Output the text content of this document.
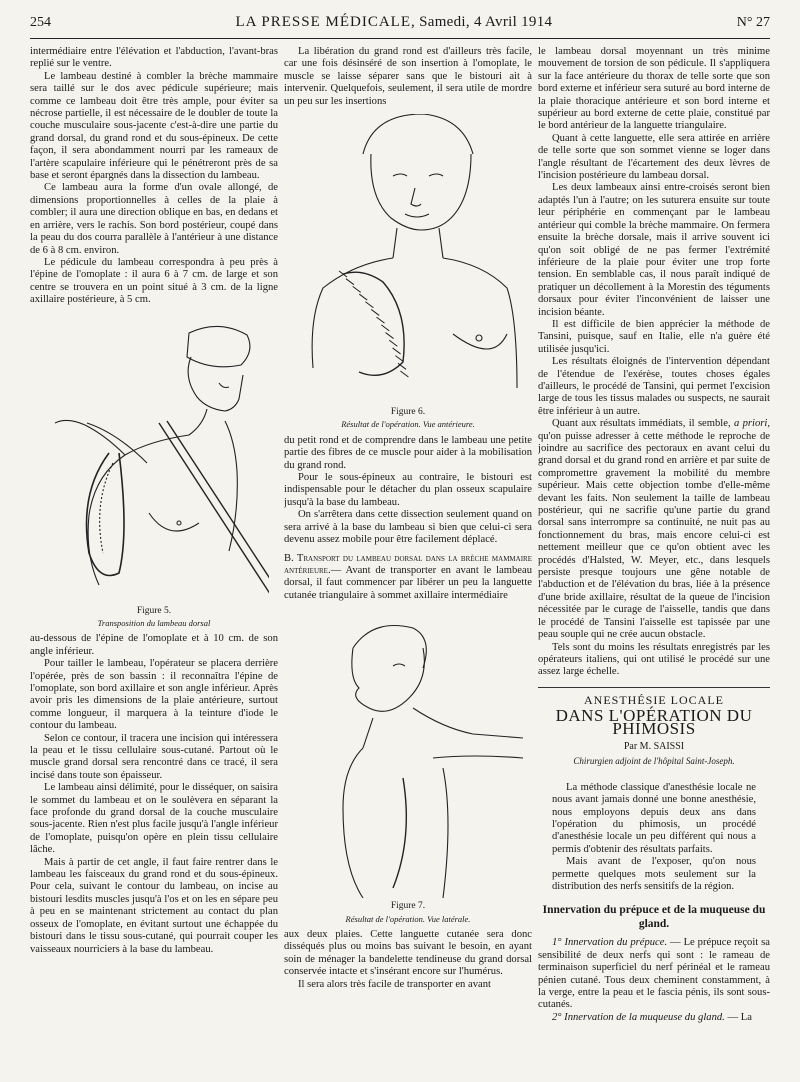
254	LA PRESSE MÉDICALE, Samedi, 4 Avril 1914	N° 27

intermédiaire entre l'élévation et l'abduction, l'avant-bras replié sur le ventre.

Le lambeau destiné à combler la brèche mammaire sera taillé sur le dos avec pédicule supérieure; mais comme ce lambeau doit être très ample, pour éviter sa nécrose partielle, il est nécessaire de le doubler de toute la couche musculaire sous-jacente c'est-à-dire une partie du grand dorsal, du grand rond et du sous-épineux. De cette façon, il sera abondamment nourri par les rameaux de l'artère scapulaire inférieure qui le pénétreront près de sa base et seront épargnés dans la dissection du lambeau.

Ce lambeau aura la forme d'un ovale allongé, de dimensions proportionnelles à celles de la plaie à combler; il aura une direction oblique en bas, en dedans et en arrière, vers le rachis. Son bord postérieur, coupé dans la peau du dos courra parallèle à l'antérieur à une distance de 6 à 8 cm. environ.

Le pédicule du lambeau correspondra à peu près à l'épine de l'omoplate : il aura 6 à 7 cm. de large et son centre se trouvera en un point situé à 3 cm. de la ligne axillaire postérieure, à 5 cm.

Figure 5.
Transposition du lambeau dorsal

au-dessous de l'épine de l'omoplate et à 10 cm. de son angle inférieur.

Pour tailler le lambeau, l'opérateur se placera derrière l'opérée, près de son bassin : il reconnaîtra l'épine de l'omoplate, son bord axillaire et son angle inférieur. Après avoir pris les dimensions de la plaie antérieure, surtout comme longueur, il marquera à la teinture d'iode le contour du lambeau.

Selon ce contour, il tracera une incision qui intéressera la peau et le tissu cellulaire sous-cutané. Partout où le muscle grand dorsal sera rencontré dans ce tracé, il sera incisé dans toute son épaisseur.

Le lambeau ainsi délimité, pour le disséquer, on saisira le sommet du lambeau et on le soulèvera en séparant la face profonde du grand dorsal de la couche musculaire sous-jacente. Rien n'est plus facile jusqu'à l'angle inférieur de l'omoplate, puisqu'on opère en plein tissu cellulaire lâche.

Mais à partir de cet angle, il faut faire rentrer dans le lambeau les faisceaux du grand rond et du sous-épineux. Pour cela, suivant le contour du lambeau, on incise au bistouri lesdits muscles jusqu'à l'os et on les en sépare peu à peu en se maintenant strictement au contact du plan osseux de l'omoplate, en évitant surtout une échappée du bistouri dans le tissu sous-cutané, qui pourrait couper les vaisseaux nourriciers à la base du lambeau.

La libération du grand rond est d'ailleurs très facile, car une fois désinséré de son insertion à l'omoplate, le muscle se laisse séparer sans que le bistouri ait à intervenir. Quelquefois, seulement, il sera utile de mordre un peu sur les insertions

Figure 6.
Résultat de l'opération. Vue antérieure.

du petit rond et de comprendre dans le lambeau une petite partie des fibres de ce muscle pour aider à la mobilisation du grand rond.

Pour le sous-épineux au contraire, le bistouri est indispensable pour le détacher du plan osseux scapulaire jusqu'à la base du lambeau.

On s'arrêtera dans cette dissection seulement quand on sera arrivé à la base du lambeau si bien que celui-ci sera devenu assez mobile pour être facilement déplacé.

B. Transport du lambeau dorsal dans la brèche mammaire antérieure.— Avant de transporter en avant le lambeau dorsal, il faut commencer par libérer un peu la languette cutanée triangulaire à sommet axillaire intermédiaire

Figure 7.
Résultat de l'opération. Vue latérale.

aux deux plaies. Cette languette cutanée sera donc disséqués plus ou moins bas suivant le besoin, en ayant soin de ménager la bandelette tendineuse du grand dorsal conservée intacte et s'insérant encore sur l'humérus.

Il sera alors très facile de transporter en avant

le lambeau dorsal moyennant un très minime mouvement de torsion de son pédicule. Il s'appliquera sur la face antérieure du thorax de telle sorte que son bord externe et inférieur sera suturé au bord interne de la plaie thoracique antérieure et son bord interne et supérieur au bord externe de cette plaie, constitué par le bord antérieur de la languette triangulaire.

Quant à cette languette, elle sera attirée en arrière de telle sorte que son sommet vienne se loger dans l'angle résultant de l'écartement des deux lèvres de l'incision postérieure du lambeau dorsal.

Les deux lambeaux ainsi entre-croisés seront bien adaptés l'un à l'autre; on les suturera ensuite sur toute leur périphérie en commençant par le lambeau antérieur qui comble la brèche mammaire. On fermera ensuite la brèche dorsale, mais il arrive souvent ici qu'on soit obligé de ne pas fermer l'extrémité inférieure de la plaie pour éviter une trop forte tension. En semblable cas, il nous paraît indiqué de pratiquer un décollement à la Morestin des téguments dorsaux pour éviter l'inconvénient de laisser une incision béante.

Il est difficile de bien apprécier la méthode de Tansini, puisque, sauf en Italie, elle n'a guère été utilisée jusqu'ici.

Les résultats éloignés de l'intervention dépendant de l'étendue de l'exérèse, toutes choses égales d'ailleurs, le procédé de Tansini, qui permet l'excision large de tous les tissus malades ou suspects, ne saurait être inférieur à un autre.

Quant aux résultats immédiats, il semble, a priori, qu'on puisse adresser à cette méthode le reproche de joindre au sacrifice des pectoraux en avant celui du grand dorsal et du grand rond en arrière et par suite de compromettre gravement la mobilité du membre supérieur. Mais cette objection tombe d'elle-même devant les faits. Non seulement la taille de lambeau postérieur, qui ne sacrifie qu'une partie du grand dorsal sans interrompre sa continuité, ne nuit pas au fonctionnement du bras, mais encore celui-ci est nettement meilleur que ce qu'on obtient avec les procédés d'Halsted, W. Meyer, etc., dans lesquels persiste presque toujours une gêne notable de l'abduction et de l'élévation du bras, liée à la présence d'une bride axillaire, résultat de la queue de l'incision nécessitée par le curage de l'aisselle, tandis que dans le procédé de Tansini l'aisselle est tapissée par une peau souple qui ne crée aucun obstacle.

Tels sont du moins les résultats enregistrés par les opérateurs italiens, qui ont utilisé le procédé sur une assez large échelle.

ANESTHÉSIE LOCALE
DANS L'OPÉRATION DU PHIMOSIS
Par M. SAISSI
Chirurgien adjoint de l'hôpital Saint-Joseph.

La méthode classique d'anesthésie locale ne nous avant jamais donné une bonne anesthésie, nous employons depuis deux ans dans l'opération du phimosis, un procédé d'anesthésie locale un peu différent qui nous a permis d'obtenir des résultats parfaits.

Mais avant de l'exposer, qu'on nous permette quelques mots seulement sur la distribution des nerfs sensitifs de la région.

Innervation du prépuce et de la muqueuse du gland.

1° Innervation du prépuce. — Le prépuce reçoit sa sensibilité de deux nerfs qui sont : le rameau de terminaison superficiel du nerf périnéal et le rameau pénien cutané. Tous deux cheminent constamment, à la verge, entre la peau et le fascia pénis, ils sont sous-cutanés.

2° Innervation de la muqueuse du gland. — La
